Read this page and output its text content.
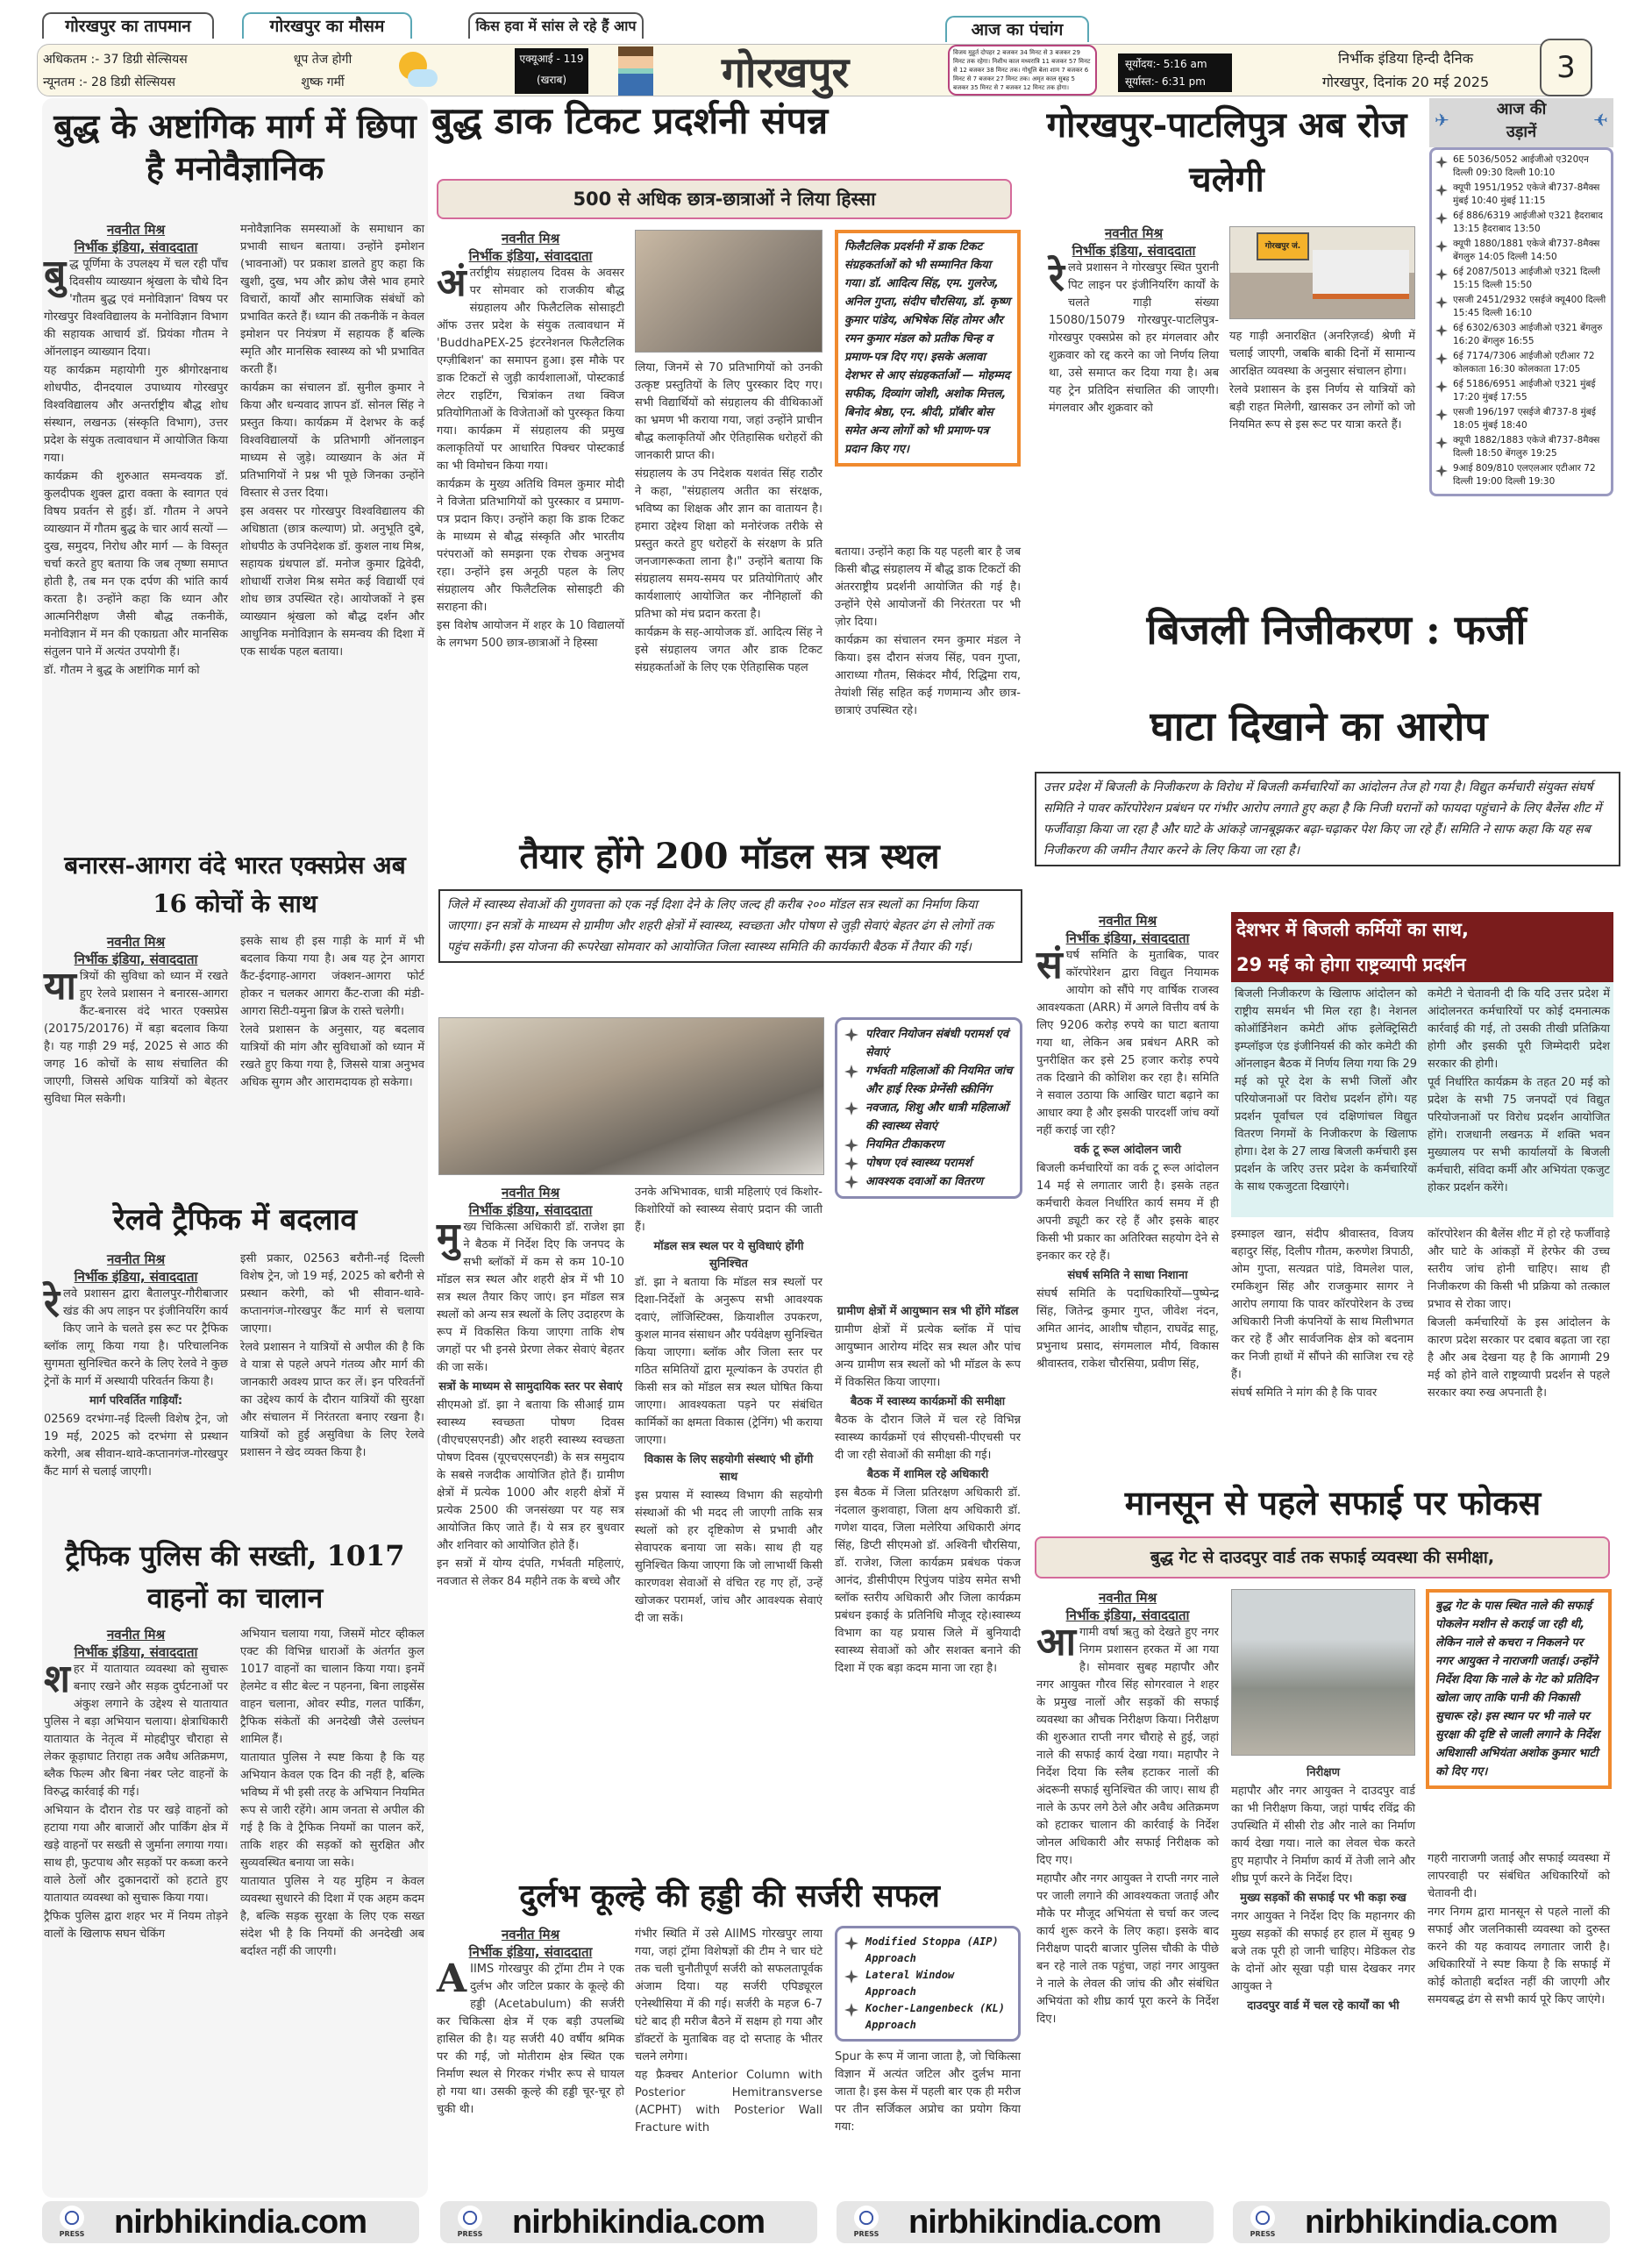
गोरखपुर का तापमान	गोरखपुर का मौसम	किस हवा में सांस ले रहे हैं आप	आज का पंचांग
अधिकतम :- 37 डिग्री सेल्सियस
न्यूनतम :- 28 डिग्री सेल्सियस
धूप तेज होगी
शुष्क गर्मी
एक्यूआई - 119
(खराब)	गोरखपुर	विजय मुहूर्त दोपहर 2 बजकर 34 मिनट से 3 बजकर 29 मिनट तक रहेगा। निशीथ काल मध्यरात्रि 11 बजकर 57 मिनट से 12 बजकर 38 मिनट तक। गोधूलि बेला शाम 7 बजकर 6 मिनट से 7 बजकर 27 मिनट तक। अमृत काल सुबह 5 बजकर 35 मिनट से 7 बजकर 12 मिनट तक होगा।
सूर्योदय:- 5:16 am
सूर्यास्त:- 6:31 pm
निर्भीक इंडिया हिन्दी दैनिक
गोरखपुर, दिनांक 20 मई 2025	3
बुद्ध के अष्टांगिक मार्ग में छिपा है मनोवैज्ञानिक
नवनीत मिश्र
निर्भीक इंडिया, संवाददाता

बुद्ध पूर्णिमा के उपलक्ष्य में चल रही पाँच दिवसीय व्याख्यान श्रृंखला के चौथे दिन 'गौतम बुद्ध एवं मनोविज्ञान' विषय पर गोरखपुर विश्वविद्यालय के मनोविज्ञान विभाग की सहायक आचार्य डॉ. प्रियंका गौतम ने ऑनलाइन व्याख्यान दिया।

यह कार्यक्रम महायोगी गुरु श्रीगोरक्षनाथ शोधपीठ, दीनदयाल उपाध्याय गोरखपुर विश्वविद्यालय और अन्तर्राष्ट्रीय बौद्ध शोध संस्थान, लखनऊ (संस्कृति विभाग), उत्तर प्रदेश के संयुक तत्वावधान में आयोजित किया गया।

कार्यक्रम की शुरुआत समन्वयक डॉ. कुलदीपक शुक्ल द्वारा वक्ता के स्वागत एवं विषय प्रवर्तन से हुई। डॉ. गौतम ने अपने व्याख्यान में गौतम बुद्ध के चार आर्य सत्यों — दुख, समुदय, निरोध और मार्ग — के विस्तृत चर्चा करते हुए बताया कि जब तृष्णा समाप्त होती है, तब मन एक दर्पण की भांति कार्य करता है। उन्होंने कहा कि ध्यान और आत्मनिरीक्षण जैसी बौद्ध तकनीकें, मनोविज्ञान में मन की एकाग्रता और मानसिक संतुलन पाने में अत्यंत उपयोगी हैं।

डॉ. गौतम ने बुद्ध के अष्टांगिक मार्ग को

मनोवैज्ञानिक समस्याओं के समाधान का प्रभावी साधन बताया। उन्होंने इमोशन (भावनाओं) पर प्रकाश डालते हुए कहा कि खुशी, दुख, भय और क्रोध जैसे भाव हमारे विचारों, कार्यों और सामाजिक संबंधों को प्रभावित करते हैं। ध्यान की तकनीकें न केवल इमोशन पर नियंत्रण में सहायक हैं बल्कि स्मृति और मानसिक स्वास्थ्य को भी प्रभावित करती हैं।

कार्यक्रम का संचालन डॉ. सुनील कुमार ने किया और धन्यवाद ज्ञापन डॉ. सोनल सिंह ने प्रस्तुत किया। कार्यक्रम में देशभर के कई विश्वविद्यालयों के प्रतिभागी ऑनलाइन माध्यम से जुड़े। व्याख्यान के अंत में प्रतिभागियों ने प्रश्न भी पूछे जिनका उन्होंने विस्तार से उत्तर दिया।

इस अवसर पर गोरखपुर विश्वविद्यालय की अधिष्ठाता (छात्र कल्याण) प्रो. अनुभूति दुबे, शोधपीठ के उपनिदेशक डॉ. कुशल नाथ मिश्र, सहायक ग्रंथपाल डॉ. मनोज कुमार द्विवेदी, शोधार्थी राजेश मिश्र समेत कई विद्यार्थी एवं शोध छात्र उपस्थित रहे। आयोजकों ने इस व्याख्यान श्रृंखला को बौद्ध दर्शन और आधुनिक मनोविज्ञान के समन्वय की दिशा में एक सार्थक पहल बताया।

बनारस-आगरा वंदे भारत एक्सप्रेस अब 16 कोचों के साथ
नवनीत मिश्र
निर्भीक इंडिया, संवाददाता

यात्रियों की सुविधा को ध्यान में रखते हुए रेलवे प्रशासन ने बनारस-आगरा कैंट-बनारस वंदे भारत एक्सप्रेस (20175/20176) में बड़ा बदलाव किया है। यह गाड़ी 29 मई, 2025 से आठ की जगह 16 कोचों के साथ संचालित की जाएगी, जिससे अधिक यात्रियों को बेहतर सुविधा मिल सकेगी।

इसके साथ ही इस गाड़ी के मार्ग में भी बदलाव किया गया है। अब यह ट्रेन आगरा कैंट-ईदगाह-आगरा जंक्शन-आगरा फोर्ट होकर न चलकर आगरा कैंट-राजा की मंडी-आगरा सिटी-यमुना ब्रिज के रास्ते चलेगी।

रेलवे प्रशासन के अनुसार, यह बदलाव यात्रियों की मांग और सुविधाओं को ध्यान में रखते हुए किया गया है, जिससे यात्रा अनुभव अधिक सुगम और आरामदायक हो सकेगा।

रेलवे ट्रैफिक में बदलाव
नवनीत मिश्र
निर्भीक इंडिया, संवाददाता

रेलवे प्रशासन द्वारा बैतालपुर-गौरीबाजार खंड की अप लाइन पर इंजीनियरिंग कार्य किए जाने के चलते इस रूट पर ट्रैफिक ब्लॉक लागू किया गया है। परिचालनिक सुगमता सुनिश्चित करने के लिए रेलवे ने कुछ ट्रेनों के मार्ग में अस्थायी परिवर्तन किया है।

मार्ग परिवर्तित गाड़ियाँ:

02569 दरभंगा-नई दिल्ली विशेष ट्रेन, जो 19 मई, 2025 को दरभंगा से प्रस्थान करेगी, अब सीवान-थावे-कप्तानगंज-गोरखपुर कैंट मार्ग से चलाई जाएगी।

इसी प्रकार, 02563 बरौनी-नई दिल्ली विशेष ट्रेन, जो 19 मई, 2025 को बरौनी से प्रस्थान करेगी, को भी सीवान-थावे-कप्तानगंज-गोरखपुर कैंट मार्ग से चलाया जाएगा।

रेलवे प्रशासन ने यात्रियों से अपील की है कि वे यात्रा से पहले अपने गंतव्य और मार्ग की जानकारी अवश्य प्राप्त कर लें। इन परिवर्तनों का उद्देश्य कार्य के दौरान यात्रियों की सुरक्षा और संचालन में निरंतरता बनाए रखना है। यात्रियों को हुई असुविधा के लिए रेलवे प्रशासन ने खेद व्यक्त किया है।

ट्रैफिक पुलिस की सख्ती, 1017 वाहनों का चालान
नवनीत मिश्र
निर्भीक इंडिया, संवाददाता

शहर में यातायात व्यवस्था को सुचारू बनाए रखने और सड़क दुर्घटनाओं पर अंकुश लगाने के उद्देश्य से यातायात पुलिस ने बड़ा अभियान चलाया। क्षेत्राधिकारी यातायात के नेतृत्व में मोहद्दीपुर चौराहा से लेकर कूड़ाघाट तिराहा तक अवैध अतिक्रमण, ब्लैक फिल्म और बिना नंबर प्लेट वाहनों के विरुद्ध कार्रवाई की गई।

अभियान के दौरान रोड पर खड़े वाहनों को हटाया गया और बाजारों और पार्किंग क्षेत्र में खड़े वाहनों पर सख्ती से जुर्माना लगाया गया। साथ ही, फुटपाथ और सड़कों पर कब्जा करने वाले ठेलों और दुकानदारों को हटाते हुए यातायात व्यवस्था को सुचारू किया गया।

ट्रैफिक पुलिस द्वारा शहर भर में नियम तोड़ने वालों के खिलाफ सघन चेकिंग

अभियान चलाया गया, जिसमें मोटर व्हीकल एक्ट की विभिन्न धाराओं के अंतर्गत कुल 1017 वाहनों का चालान किया गया। इनमें हेलमेट व सीट बेल्ट न पहनना, बिना लाइसेंस वाहन चलाना, ओवर स्पीड, गलत पार्किंग, ट्रैफिक संकेतों की अनदेखी जैसे उल्लंघन शामिल हैं।

यातायात पुलिस ने स्पष्ट किया है कि यह अभियान केवल एक दिन की नहीं है, बल्कि भविष्य में भी इसी तरह के अभियान नियमित रूप से जारी रहेंगे। आम जनता से अपील की गई है कि वे ट्रैफिक नियमों का पालन करें, ताकि शहर की सड़कों को सुरक्षित और सुव्यवस्थित बनाया जा सके।

यातायात पुलिस ने यह मुहिम न केवल व्यवस्था सुधारने की दिशा में एक अहम कदम है, बल्कि सड़क सुरक्षा के लिए एक सख्त संदेश भी है कि नियमों की अनदेखी अब बर्दाश्त नहीं की जाएगी।

बुद्ध डाक टिकट प्रदर्शनी संपन्न
500 से अधिक छात्र-छात्राओं ने लिया हिस्सा
नवनीत मिश्र
निर्भीक इंडिया, संवाददाता

अंतर्राष्ट्रीय संग्रहालय दिवस के अवसर पर सोमवार को राजकीय बौद्ध संग्रहालय और फिलैटलिक सोसाइटी ऑफ उत्तर प्रदेश के संयुक तत्वावधान में 'BuddhaPEX-25 इंटरनेशनल फिलैटलिक एग्ज़ीबिशन' का समापन हुआ। इस मौके पर डाक टिकटों से जुड़ी कार्यशालाओं, पोस्टकार्ड लेटर राइटिंग, चित्रांकन तथा क्विज प्रतियोगिताओं के विजेताओं को पुरस्कृत किया गया। कार्यक्रम में संग्रहालय की प्रमुख कलाकृतियों पर आधारित पिक्चर पोस्टकार्ड का भी विमोचन किया गया।

कार्यक्रम के मुख्य अतिथि विमल कुमार मोदी ने विजेता प्रतिभागियों को पुरस्कार व प्रमाण-पत्र प्रदान किए। उन्होंने कहा कि डाक टिकट के माध्यम से बौद्ध संस्कृति और भारतीय परंपराओं को समझना एक रोचक अनुभव रहा। उन्होंने इस अनूठी पहल के लिए संग्रहालय और फिलैटलिक सोसाइटी की सराहना की।

इस विशेष आयोजन में शहर के 10 विद्यालयों के लगभग 500 छात्र-छात्राओं ने हिस्सा

लिया, जिनमें से 70 प्रतिभागियों को उनकी उत्कृष्ट प्रस्तुतियों के लिए पुरस्कार दिए गए। सभी विद्यार्थियों को संग्रहालय की वीथिकाओं का भ्रमण भी कराया गया, जहां उन्होंने प्राचीन बौद्ध कलाकृतियों और ऐतिहासिक धरोहरों की जानकारी प्राप्त की।

संग्रहालय के उप निदेशक यशवंत सिंह राठौर ने कहा, "संग्रहालय अतीत का संरक्षक, भविष्य का शिक्षक और ज्ञान का वातायन है। हमारा उद्देश्य शिक्षा को मनोरंजक तरीके से प्रस्तुत करते हुए धरोहरों के संरक्षण के प्रति जनजागरूकता लाना है।" उन्होंने बताया कि संग्रहालय समय-समय पर प्रतियोगिताएं और कार्यशालाएं आयोजित कर नौनिहालों की प्रतिभा को मंच प्रदान करता है।

कार्यक्रम के सह-आयोजक डॉ. आदित्य सिंह ने इसे संग्रहालय जगत और डाक टिकट संग्रहकर्ताओं के लिए एक ऐतिहासिक पहल

फिलैटलिक प्रदर्शनी में डाक टिकट संग्रहकर्ताओं को भी सम्मानित किया गया। डॉ. आदित्य सिंह, एम. गुलरेज, अनिल गुप्ता, संदीप चौरसिया, डॉ. कृष्ण कुमार पांडेय, अभिषेक सिंह तोमर और रमन कुमार मंडल को प्रतीक चिन्ह व प्रमाण-पत्र दिए गए। इसके अलावा देशभर से आए संग्रहकर्ताओं — मोहम्मद सफीक, दिव्यांग जोशी, अशोक मित्तल, बिनोद श्रेष्ठा, एन. श्रीदी, प्रॉबीर बोस समेत अन्य लोगों को भी प्रमाण-पत्र प्रदान किए गए।

बताया। उन्होंने कहा कि यह पहली बार है जब किसी बौद्ध संग्रहालय में बौद्ध डाक टिकटों की अंतरराष्ट्रीय प्रदर्शनी आयोजित की गई है। उन्होंने ऐसे आयोजनों की निरंतरता पर भी ज़ोर दिया।

कार्यक्रम का संचालन रमन कुमार मंडल ने किया। इस दौरान संजय सिंह, पवन गुप्ता, आराध्या गौतम, सिकंदर मौर्य, रिद्धिमा राय, तेयांशी सिंह सहित कई गणमान्य और छात्र-छात्राएं उपस्थित रहे।

तैयार होंगे 200 मॉडल सत्र स्थल
जिले में स्वास्थ्य सेवाओं की गुणवत्ता को एक नई दिशा देने के लिए जल्द ही करीब २०० मॉडल सत्र स्थलों का निर्माण किया जाएगा। इन सत्रों के माध्यम से ग्रामीण और शहरी क्षेत्रों में स्वास्थ्य, स्वच्छता और पोषण से जुड़ी सेवाएं बेहतर ढंग से लोगों तक पहुंच सकेंगी। इस योजना की रूपरेखा सोमवार को आयोजित जिला स्वास्थ्य समिति की कार्यकारी बैठक में तैयार की गई।
परिवार नियोजन संबंधी परामर्श एवं सेवाएं
गर्भवती महिलाओं की नियमित जांच और हाई रिस्क प्रेग्नेंसी स्क्रीनिंग
नवजात, शिशु और धात्री महिलाओं की स्वास्थ्य सेवाएं
नियमित टीकाकरण
पोषण एवं स्वास्थ्य परामर्श
आवश्यक दवाओं का वितरण
नवनीत मिश्र
निर्भीक इंडिया, संवाददाता

मुख्य चिकित्सा अधिकारी डॉ. राजेश झा ने बैठक में निर्देश दिए कि जनपद के सभी ब्लॉकों में कम से कम 10-10 मॉडल सत्र स्थल और शहरी क्षेत्र में भी 10 सत्र स्थल तैयार किए जाएं। इन मॉडल सत्र स्थलों को अन्य सत्र स्थलों के लिए उदाहरण के रूप में विकसित किया जाएगा ताकि शेष जगहों पर भी इनसे प्रेरणा लेकर सेवाएं बेहतर की जा सकें।

सत्रों के माध्यम से सामुदायिक स्तर पर सेवाएं

सीएमओ डॉ. झा ने बताया कि सीआई ग्राम स्वास्थ्य स्वच्छता पोषण दिवस (वीएचएसएनडी) और शहरी स्वास्थ्य स्वच्छता पोषण दिवस (यूएचएसएनडी) के सत्र समुदाय के सबसे नजदीक आयोजित होते हैं। ग्रामीण क्षेत्रों में प्रत्येक 1000 और शहरी क्षेत्रों में प्रत्येक 2500 की जनसंख्या पर यह सत्र आयोजित किए जाते हैं। ये सत्र हर बुधवार और शनिवार को आयोजित होते हैं।

इन सत्रों में योग्य दंपति, गर्भवती महिलाएं, नवजात से लेकर 84 महीने तक के बच्चे और

उनके अभिभावक, धात्री महिलाएं एवं किशोर-किशोरियों को स्वास्थ्य सेवाएं प्रदान की जाती हैं।

मॉडल सत्र स्थल पर ये सुविधाएं होंगी सुनिश्चित

डॉ. झा ने बताया कि मॉडल सत्र स्थलों पर दिशा-निर्देशों के अनुरूप सभी आवश्यक दवाएं, लॉजिस्टिक्स, क्रियाशील उपकरण, कुशल मानव संसाधन और पर्यवेक्षण सुनिश्चित किया जाएगा। ब्लॉक और जिला स्तर पर गठित समितियों द्वारा मूल्यांकन के उपरांत ही किसी सत्र को मॉडल सत्र स्थल घोषित किया जाएगा। आवश्यकता पड़ने पर संबंधित कार्मिकों का क्षमता विकास (ट्रेनिंग) भी कराया जाएगा।

विकास के लिए सहयोगी संस्थाएं भी होंगी साथ

इस प्रयास में स्वास्थ्य विभाग की सहयोगी संस्थाओं की भी मदद ली जाएगी ताकि सत्र स्थलों को हर दृष्टिकोण से प्रभावी और सेवापरक बनाया जा सके। साथ ही यह सुनिश्चित किया जाएगा कि जो लाभार्थी किसी कारणवश सेवाओं से वंचित रह गए हों, उन्हें खोजकर परामर्श, जांच और आवश्यक सेवाएं दी जा सकें।

ग्रामीण क्षेत्रों में आयुष्मान सत्र भी होंगे मॉडल

ग्रामीण क्षेत्रों में प्रत्येक ब्लॉक में पांच आयुष्मान आरोग्य मंदिर सत्र स्थल और पांच अन्य ग्रामीण सत्र स्थलों को भी मॉडल के रूप में विकसित किया जाएगा।

बैठक में स्वास्थ्य कार्यक्रमों की समीक्षा

बैठक के दौरान जिले में चल रहे विभिन्न स्वास्थ्य कार्यक्रमों एवं सीएचसी-पीएचसी पर दी जा रही सेवाओं की समीक्षा की गई।

बैठक में शामिल रहे अधिकारी

इस बैठक में जिला प्रतिरक्षण अधिकारी डॉ. नंदलाल कुशवाहा, जिला क्षय अधिकारी डॉ. गणेश यादव, जिला मलेरिया अधिकारी अंगद सिंह, डिप्टी सीएमओ डॉ. अश्विनी चौरसिया, डॉ. राजेश, जिला कार्यक्रम प्रबंधक पंकज आनंद, डीसीपीएम रिपुंजय पांडेय समेत सभी ब्लॉक स्तरीय अधिकारी और जिला कार्यक्रम प्रबंधन इकाई के प्रतिनिधि मौजूद रहे।स्वास्थ्य विभाग का यह प्रयास जिले में बुनियादी स्वास्थ्य सेवाओं को और सशक्त बनाने की दिशा में एक बड़ा कदम माना जा रहा है।

दुर्लभ कूल्हे की हड्डी की सर्जरी सफल
नवनीत मिश्र
निर्भीक इंडिया, संवाददाता

AIIMS गोरखपुर की ट्रॉमा टीम ने एक दुर्लभ और जटिल प्रकार के कूल्हे की हड्डी (Acetabulum) की सर्जरी कर चिकित्सा क्षेत्र में एक बड़ी उपलब्धि हासिल की है। यह सर्जरी 40 वर्षीय श्रमिक पर की गई, जो मोतीराम क्षेत्र स्थित एक निर्माण स्थल से गिरकर गंभीर रूप से घायल हो गया था। उसकी कूल्हे की हड्डी चूर-चूर हो चुकी थी।

गंभीर स्थिति में उसे AIIMS गोरखपुर लाया गया, जहां ट्रॉमा विशेषज्ञों की टीम ने चार घंटे तक चली चुनौतीपूर्ण सर्जरी को सफलतापूर्वक अंजाम दिया। यह सर्जरी एपिड्यूरल एनेस्थीसिया में की गई। सर्जरी के महज 6-7 घंटे बाद ही मरीज बैठने में सक्षम हो गया और डॉक्टरों के मुताबिक वह दो सप्ताह के भीतर चलने लगेगा।

यह फ्रैक्चर Anterior Column with Posterior Hemitransverse (ACPHT) with Posterior Wall Fracture with

Modified Stoppa (AIP) Approach
Lateral Window Approach
Kocher-Langenbeck (KL) Approach

Spur के रूप में जाना जाता है, जो चिकित्सा विज्ञान में अत्यंत जटिल और दुर्लभ माना जाता है। इस केस में पहली बार एक ही मरीज पर तीन सर्जिकल अप्रोच का प्रयोग किया गया:

गोरखपुर-पाटलिपुत्र अब रोज चलेगी
नवनीत मिश्र
निर्भीक इंडिया, संवाददाता

रेलवे प्रशासन ने गोरखपुर स्थित पुरानी पिट लाइन पर इंजीनियरिंग कार्यों के चलते गाड़ी संख्या 15080/15079 गोरखपुर-पाटलिपुत्र-गोरखपुर एक्सप्रेस को हर मंगलवार और शुक्रवार को रद्द करने का जो निर्णय लिया था, उसे समाप्त कर दिया गया है। अब यह ट्रेन प्रतिदिन संचालित की जाएगी। मंगलवार और शुक्रवार को

गोरखपुर जं.

यह गाड़ी अनारक्षित (अनरिज़र्व्ड) श्रेणी में चलाई जाएगी, जबकि बाकी दिनों में सामान्य आरक्षित व्यवस्था के अनुसार संचालन होगा।

रेलवे प्रशासन के इस निर्णय से यात्रियों को बड़ी राहत मिलेगी, खासकर उन लोगों को जो नियमित रूप से इस रूट पर यात्रा करते हैं।

✈
आज की
उड़ानें
✈
6E 5036/5052 आईजीओ ए320एन दिल्ली 09:30 दिल्ली 10:10
क्यूपी 1951/1952 एकेजे बी737-8मैक्स मुंबई 10:40 मुंबई 11:15
6ई 886/6319 आईजीओ ए321 हैदराबाद 13:15 हैदराबाद 13:50
क्यूपी 1880/1881 एकेजे बी737-8मैक्स बेंगलुरु 14:05 दिल्ली 14:50
6ई 2087/5013 आईजीओ ए321 दिल्ली 15:15 दिल्ली 15:50
एसजी 2451/2932 एसईजे क्यू400 दिल्ली 15:45 दिल्ली 16:10
6ई 6302/6303 आईजीओ ए321 बेंगलुरु 16:20 बेंगलुरु 16:55
6ई 7174/7306 आईजीओ एटीआर 72 कोलकाता 16:30 कोलकाता 17:05
6ई 5186/6951 आईजीओ ए321 मुंबई 17:20 मुंबई 17:55
एसजी 196/197 एसईजे बी737-8 मुंबई 18:05 मुंबई 18:40
क्यूपी 1882/1883 एकेजे बी737-8मैक्स दिल्ली 18:50 बेंगलुरु 19:25
9आई 809/810 एलएलआर एटीआर 72 दिल्ली 19:00 दिल्ली 19:30
बिजली निजीकरण : फर्जी
घाटा दिखाने का आरोप
उत्तर प्रदेश में बिजली के निजीकरण के विरोध में बिजली कर्मचारियों का आंदोलन तेज हो गया है। विद्युत कर्मचारी संयुक्त संघर्ष समिति ने पावर कॉरपोरेशन प्रबंधन पर गंभीर आरोप लगाते हुए कहा है कि निजी घरानों को फायदा पहुंचाने के लिए बैलेंस शीट में फर्जीवाड़ा किया जा रहा है और घाटे के आंकड़े जानबूझकर बढ़ा-चढ़ाकर पेश किए जा रहे हैं। समिति ने साफ कहा कि यह सब निजीकरण की जमीन तैयार करने के लिए किया जा रहा है।
नवनीत मिश्र
निर्भीक इंडिया, संवाददाता

संघर्ष समिति के मुताबिक, पावर कॉरपोरेशन द्वारा विद्युत नियामक आयोग को सौंपे गए वार्षिक राजस्व आवश्यकता (ARR) में अगले वित्तीय वर्ष के लिए 9206 करोड़ रुपये का घाटा बताया गया था, लेकिन अब प्रबंधन ARR को पुनरीक्षित कर इसे 25 हजार करोड़ रुपये तक दिखाने की कोशिश कर रहा है। समिति ने सवाल उठाया कि आखिर घाटा बढ़ाने का आधार क्या है और इसकी पारदर्शी जांच क्यों नहीं कराई जा रही?

वर्क टू रूल आंदोलन जारी

बिजली कर्मचारियों का वर्क टू रूल आंदोलन 14 मई से लगातार जारी है। इसके तहत कर्मचारी केवल निर्धारित कार्य समय में ही अपनी ड्यूटी कर रहे हैं और इसके बाहर किसी भी प्रकार का अतिरिक्त सहयोग देने से इनकार कर रहे हैं।

संघर्ष समिति ने साधा निशाना

संघर्ष समिति के पदाधिकारियों—पुष्पेन्द्र सिंह, जितेन्द्र कुमार गुप्त, जीवेश नंदन, अमित आनंद, आशीष चौहान, राघवेंद्र साहू, प्रभुनाथ प्रसाद, संगमलाल मौर्य, विकास श्रीवास्तव, राकेश चौरसिया, प्रवीण सिंह,

देशभर में बिजली कर्मियों का साथ,
29 मई को होगा राष्ट्रव्यापी प्रदर्शन

बिजली निजीकरण के खिलाफ आंदोलन को राष्ट्रीय समर्थन भी मिल रहा है। नेशनल कोऑर्डिनेशन कमेटी ऑफ इलेक्ट्रिसिटी इम्प्लॉइज एंड इंजीनियर्स की कोर कमेटी की ऑनलाइन बैठक में निर्णय लिया गया कि 29 मई को पूरे देश के सभी जिलों और परियोजनाओं पर विरोध प्रदर्शन होंगे। यह प्रदर्शन पूर्वांचल एवं दक्षिणांचल विद्युत वितरण निगमों के निजीकरण के खिलाफ होगा। देश के 27 लाख बिजली कर्मचारी इस प्रदर्शन के जरिए उत्तर प्रदेश के कर्मचारियों के साथ एकजुटता दिखाएंगे।

कमेटी ने चेतावनी दी कि यदि उत्तर प्रदेश में आंदोलनरत कर्मचारियों पर कोई दमनात्मक कार्रवाई की गई, तो उसकी तीखी प्रतिक्रिया होगी और इसकी पूरी जिम्मेदारी प्रदेश सरकार की होगी।

पूर्व निर्धारित कार्यक्रम के तहत 20 मई को प्रदेश के सभी 75 जनपदों एवं विद्युत परियोजनाओं पर विरोध प्रदर्शन आयोजित होंगे। राजधानी लखनऊ में शक्ति भवन मुख्यालय पर सभी कार्यालयों के बिजली कर्मचारी, संविदा कर्मी और अभियंता एकजुट होकर प्रदर्शन करेंगे।

इस्माइल खान, संदीप श्रीवास्तव, विजय बहादुर सिंह, दिलीप गौतम, करुणेश त्रिपाठी, ओम गुप्ता, सत्यव्रत पांडे, विमलेश पाल, रमकिशुन सिंह और राजकुमार सागर ने आरोप लगाया कि पावर कॉरपोरेशन के उच्च अधिकारी निजी कंपनियों के साथ मिलीभगत कर रहे हैं और सार्वजनिक क्षेत्र को बदनाम कर निजी हाथों में सौंपने की साजिश रच रहे हैं।

संघर्ष समिति ने मांग की है कि पावर

कॉरपोरेशन की बैलेंस शीट में हो रहे फर्जीवाड़े और घाटे के आंकड़ों में हेरफेर की उच्च स्तरीय जांच होनी चाहिए। साथ ही निजीकरण की किसी भी प्रक्रिया को तत्काल प्रभाव से रोका जाए।

बिजली कर्मचारियों के इस आंदोलन के कारण प्रदेश सरकार पर दबाव बढ़ता जा रहा है और अब देखना यह है कि आगामी 29 मई को होने वाले राष्ट्रव्यापी प्रदर्शन से पहले सरकार क्या रुख अपनाती है।

मानसून से पहले सफाई पर फोकस
बुद्ध गेट से दाउदपुर वार्ड तक सफाई व्यवस्था की समीक्षा,
नवनीत मिश्र
निर्भीक इंडिया, संवाददाता

आगामी वर्षा ऋतु को देखते हुए नगर निगम प्रशासन हरकत में आ गया है। सोमवार सुबह महापौर और नगर आयुक्त गौरव सिंह सोगरवाल ने शहर के प्रमुख नालों और सड़कों की सफाई व्यवस्था का औचक निरीक्षण किया। निरीक्षण की शुरुआत राप्ती नगर चौराहे से हुई, जहां नाले की सफाई कार्य देखा गया। महापौर ने निर्देश दिया कि स्लैब हटाकर नालों की अंदरूनी सफाई सुनिश्चित की जाए। साथ ही नाले के ऊपर लगे ठेले और अवैध अतिक्रमण को हटाकर चालान की कार्रवाई के निर्देश जोनल अधिकारी और सफाई निरीक्षक को दिए गए।

महापौर और नगर आयुक्त ने राप्ती नगर नाले पर जाली लगाने की आवश्यकता जताई और मौके पर मौजूद अभियंता से चर्चा कर जल्द कार्य शुरू करने के लिए कहा। इसके बाद निरीक्षण पादरी बाजार पुलिस चौकी के पीछे बन रहे नाले तक पहुंचा, जहां नगर आयुक्त ने नाले के लेवल की जांच की और संबंधित अभियंता को शीघ्र कार्य पूरा करने के निर्देश दिए।

निरीक्षण

महापौर और नगर आयुक्त ने दाउदपुर वार्ड का भी निरीक्षण किया, जहां पार्षद रविंद्र की उपस्थिति में सीसी रोड और नाले का निर्माण कार्य देखा गया। नाले का लेवल चेक करते हुए महापौर ने निर्माण कार्य में तेजी लाने और शीघ्र पूर्ण करने के निर्देश दिए।

मुख्य सड़कों की सफाई पर भी कड़ा रुख

नगर आयुक्त ने निर्देश दिए कि महानगर की मुख्य सड़कों की सफाई हर हाल में सुबह 9 बजे तक पूरी हो जानी चाहिए। मेडिकल रोड के दोनों ओर सूखा पड़ी घास देखकर नगर आयुक्त ने

दाउदपुर वार्ड में चल रहे कार्यों का भी

बुद्ध गेट के पास स्थित नाले की सफाई पोकलेन मशीन से कराई जा रही थी, लेकिन नाले से कचरा न निकलने पर नगर आयुक्त ने नाराजगी जताई। उन्होंने निर्देश दिया कि नाले के गेट को प्रतिदिन खोला जाए ताकि पानी की निकासी सुचारू रहे। इस स्थान पर भी नाले पर सुरक्षा की दृष्टि से जाली लगाने के निर्देश अधिशासी अभियंता अशोक कुमार भाटी को दिए गए।

गहरी नाराजगी जताई और सफाई व्यवस्था में लापरवाही पर संबंधित अधिकारियों को चेतावनी दी।

नगर निगम द्वारा मानसून से पहले नालों की सफाई और जलनिकासी व्यवस्था को दुरुस्त करने की यह कवायद लगातार जारी है। अधिकारियों ने स्पष्ट किया है कि सफाई में कोई कोताही बर्दाश्त नहीं की जाएगी और समयबद्ध ढंग से सभी कार्य पूरे किए जाएंगे।

PRESS nirbhikindia.com	PRESS nirbhikindia.com	PRESS nirbhikindia.com	PRESS nirbhikindia.com
